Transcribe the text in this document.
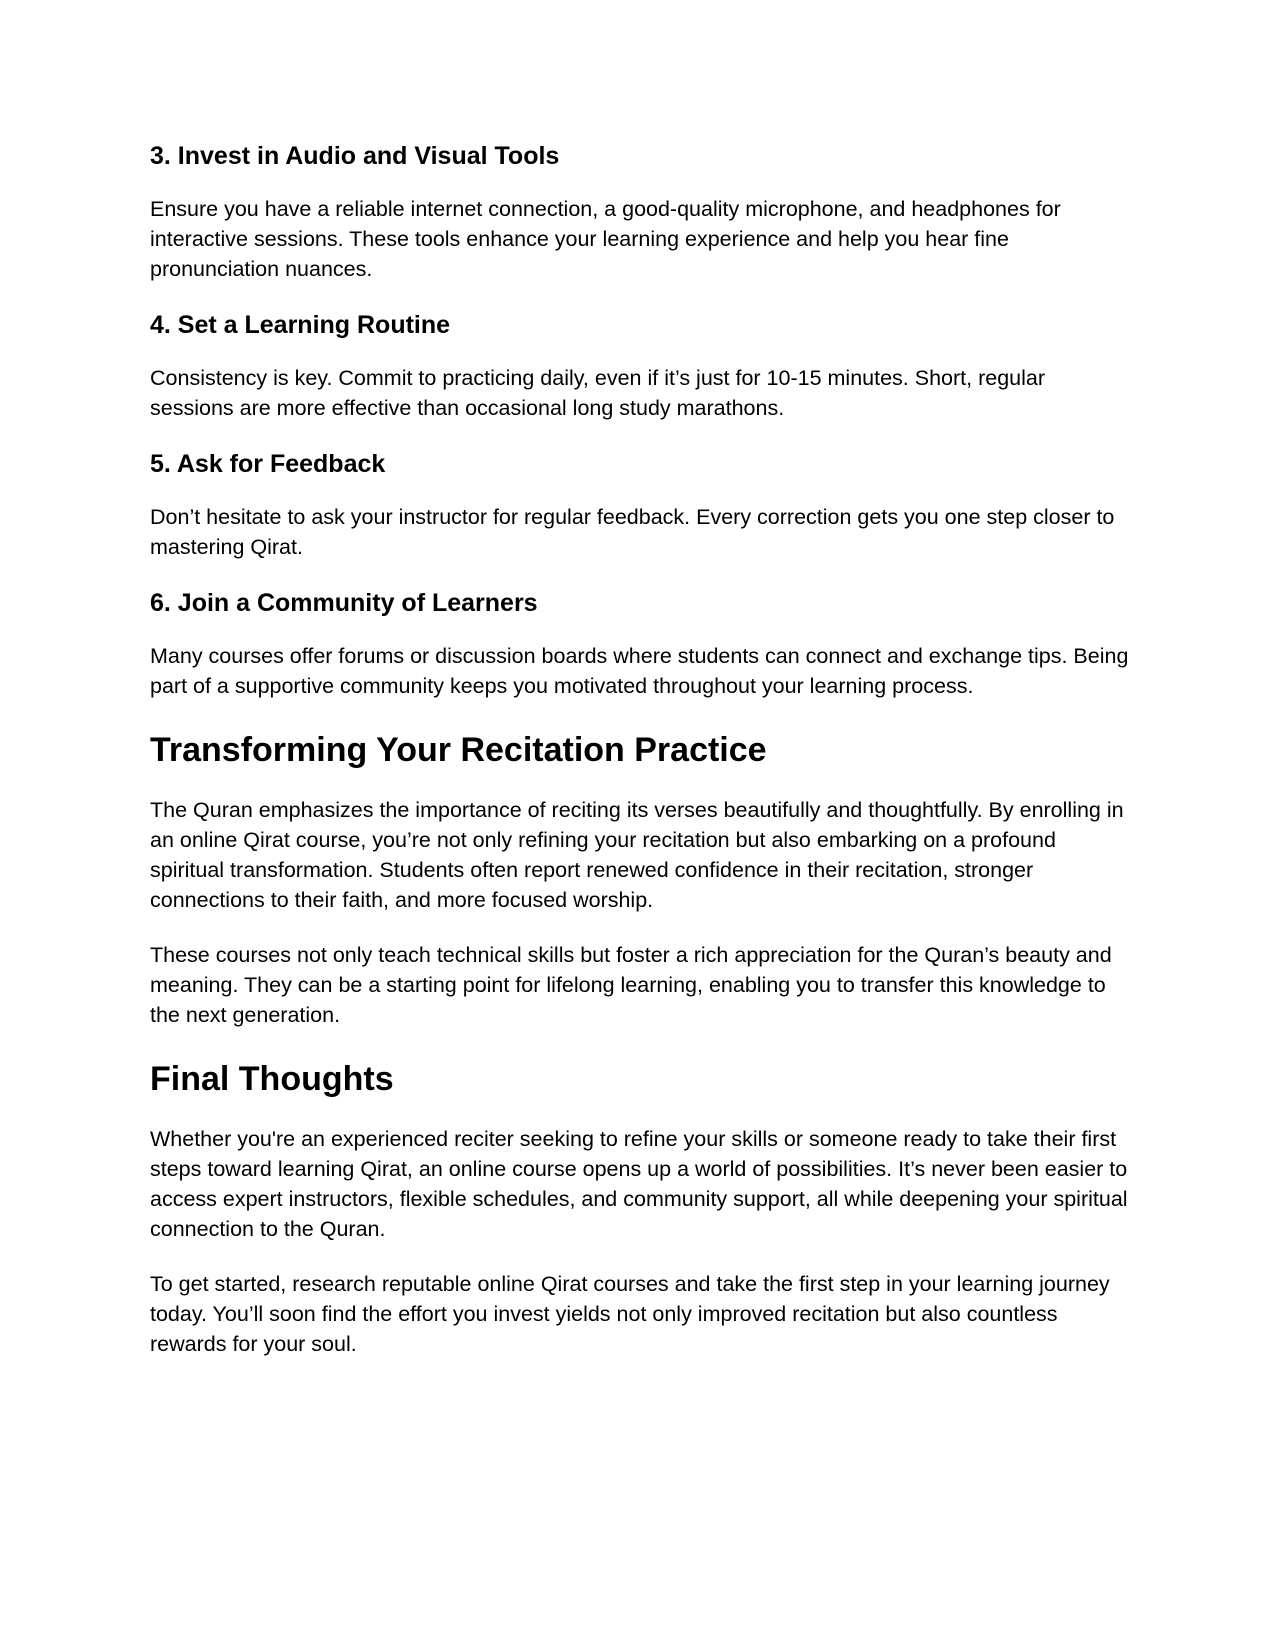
3. Invest in Audio and Visual Tools

Ensure you have a reliable internet connection, a good-quality microphone, and headphones for interactive sessions. These tools enhance your learning experience and help you hear fine pronunciation nuances.

4. Set a Learning Routine

Consistency is key. Commit to practicing daily, even if it’s just for 10-15 minutes. Short, regular sessions are more effective than occasional long study marathons.

5. Ask for Feedback

Don’t hesitate to ask your instructor for regular feedback. Every correction gets you one step closer to mastering Qirat.

6. Join a Community of Learners

Many courses offer forums or discussion boards where students can connect and exchange tips. Being part of a supportive community keeps you motivated throughout your learning process.

Transforming Your Recitation Practice

The Quran emphasizes the importance of reciting its verses beautifully and thoughtfully. By enrolling in an online Qirat course, you’re not only refining your recitation but also embarking on a profound spiritual transformation. Students often report renewed confidence in their recitation, stronger connections to their faith, and more focused worship.

These courses not only teach technical skills but foster a rich appreciation for the Quran’s beauty and meaning. They can be a starting point for lifelong learning, enabling you to transfer this knowledge to the next generation.

Final Thoughts

Whether you're an experienced reciter seeking to refine your skills or someone ready to take their first steps toward learning Qirat, an online course opens up a world of possibilities. It’s never been easier to access expert instructors, flexible schedules, and community support, all while deepening your spiritual connection to the Quran.

To get started, research reputable online Qirat courses and take the first step in your learning journey today. You’ll soon find the effort you invest yields not only improved recitation but also countless rewards for your soul.
